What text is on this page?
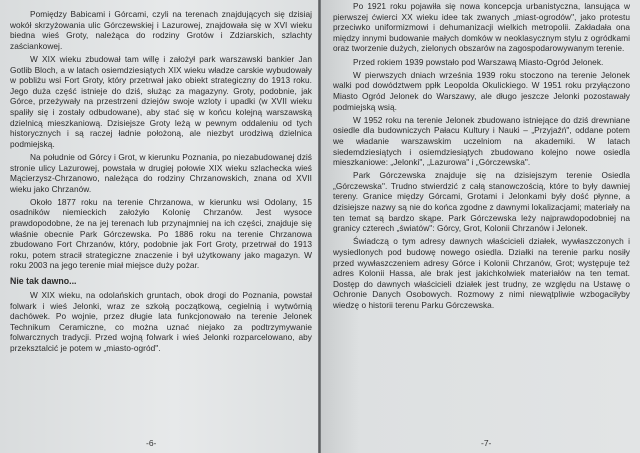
Pomiędzy Babicami i Górcami, czyli na terenach znajdujących się dzisiaj wokół skrzyżowania ulic Górczewskiej i Lazurowej, znajdowała się w XVI wieku biedna wieś Groty, należąca do rodziny Grotów i Zdziarskich, szlachty zaściankowej.

W XIX wieku zbudował tam willę i założył park warszawski bankier Jan Gotlib Bloch, a w latach osiemdziesiątych XIX wieku władze carskie wybudowały w pobliżu wsi Fort Groty, który przetrwał jako obiekt strategiczny do 1913 roku. Jego duża część istnieje do dziś, służąc za magazyny. Groty, podobnie, jak Górce, przeżywały na przestrzeni dziejów swoje wzloty i upadki (w XVII wieku spaliły się i zostały odbudowane), aby stać się w końcu kolejną warszawską dzielnicą mieszkaniową. Dzisiejsze Groty leżą w pewnym oddaleniu od tych historycznych i są raczej ładnie położoną, ale niezbyt urodziwą dzielnica podmiejską.

Na południe od Górcy i Grot, w kierunku Poznania, po niezabudowanej dziś stronie ulicy Lazurowej, powstała w drugiej połowie XIX wieku szlachecka wieś Mącierzysz-Chrzanowo, należąca do rodziny Chrzanowskich, znana od XVII wieku jako Chrzanów.

Około 1877 roku na terenie Chrzanowa, w kierunku wsi Odolany, 15 osadników niemieckich założyło Kolonię Chrzanów. Jest wysoce prawdopodobne, że na jej terenach lub przynajmniej na ich części, znajduje się właśnie obecnie Park Górczewska. Po 1886 roku na terenie Chrzanowa zbudowano Fort Chrzanów, który, podobnie jak Fort Groty, przetrwał do 1913 roku, potem stracił strategiczne znaczenie i był użytkowany jako magazyn. W roku 2003 na jego terenie miał miejsce duży pożar.

Nie tak dawno...

W XIX wieku, na odolańskich gruntach, obok drogi do Poznania, powstał folwark i wieś Jelonki, wraz ze szkołą początkową, cegielnią i wytwórnią dachówek. Po wojnie, przez długie lata funkcjonowało na terenie Jelonek Technikum Ceramiczne, co można uznać niejako za podtrzymywanie folwarcznych tradycji. Przed wojną folwark i wieś Jelonki rozparcelowano, aby przeksztalcić je potem w „miasto-ogród".

-6-

Po 1921 roku pojawiła się nowa koncepcja urbanistyczna, lansująca w pierwszej ćwierci XX wieku idee tak zwanych „miast-ogrodów", jako protestu przeciwko uniformizmowi i dehumanizacji wielkich metropolii. Zakładała ona między innymi budowanie małych domków w neoklasycznym stylu z ogródkami oraz tworzenie dużych, zielonych obszarów na zagospodarowywanym terenie.

Przed rokiem 1939 powstało pod Warszawą Miasto-Ogród Jelonek.

W pierwszych dniach września 1939 roku stoczono na terenie Jelonek walki pod dowództwem ppłk Leopolda Okulickiego. W 1951 roku przyłączono Miasto Ogród Jelonek do Warszawy, ale długo jeszcze Jelonki pozostawały podmiejską wsią.

W 1952 roku na terenie Jelonek zbudowano istniejące do dziś drewniane osiedle dla budowniczych Pałacu Kultury i Nauki – „Przyjaźń", oddane potem we władanie warszawskim uczelniom na akademiki. W latach siedemdziesiątych i osiemdziesiątych zbudowano kolejno nowe osiedla mieszkaniowe: „Jelonki", „Lazurowa" i „Górczewska".

Park Górczewska znajduje się na dzisiejszym terenie Osiedla „Górczewska". Trudno stwierdzić z całą stanowczością, które to były dawniej tereny. Granice między Górcami, Grotami i Jelonkami były dość płynne, a dzisiejsze nazwy są nie do końca zgodne z dawnymi lokalizacjami; materiały na ten temat są bardzo skąpe. Park Górczewska leży najprawdopodobniej na granicy czterech „światów": Górcy, Grot, Kolonii Chrzanów i Jelonek.

Świadczą o tym adresy dawnych właścicieli działek, wywłaszczonych i wysiedlonych pod budowę nowego osiedla. Działki na terenie parku nosiły przed wywłaszczeniem adresy Górcе i Kolonii Chrzanów, Grot; występuje też adres Kolonii Hassa, ale brak jest jakichkolwiek materiałów na ten temat. Dostęp do dawnych właścicieli działek jest trudny, ze względu na Ustawę o Ochronie Danych Osobowych. Rozmowy z nimi niewątpliwie wzbogaciłyby wiedzę o historii terenu Parku Górczewska.

-7-
